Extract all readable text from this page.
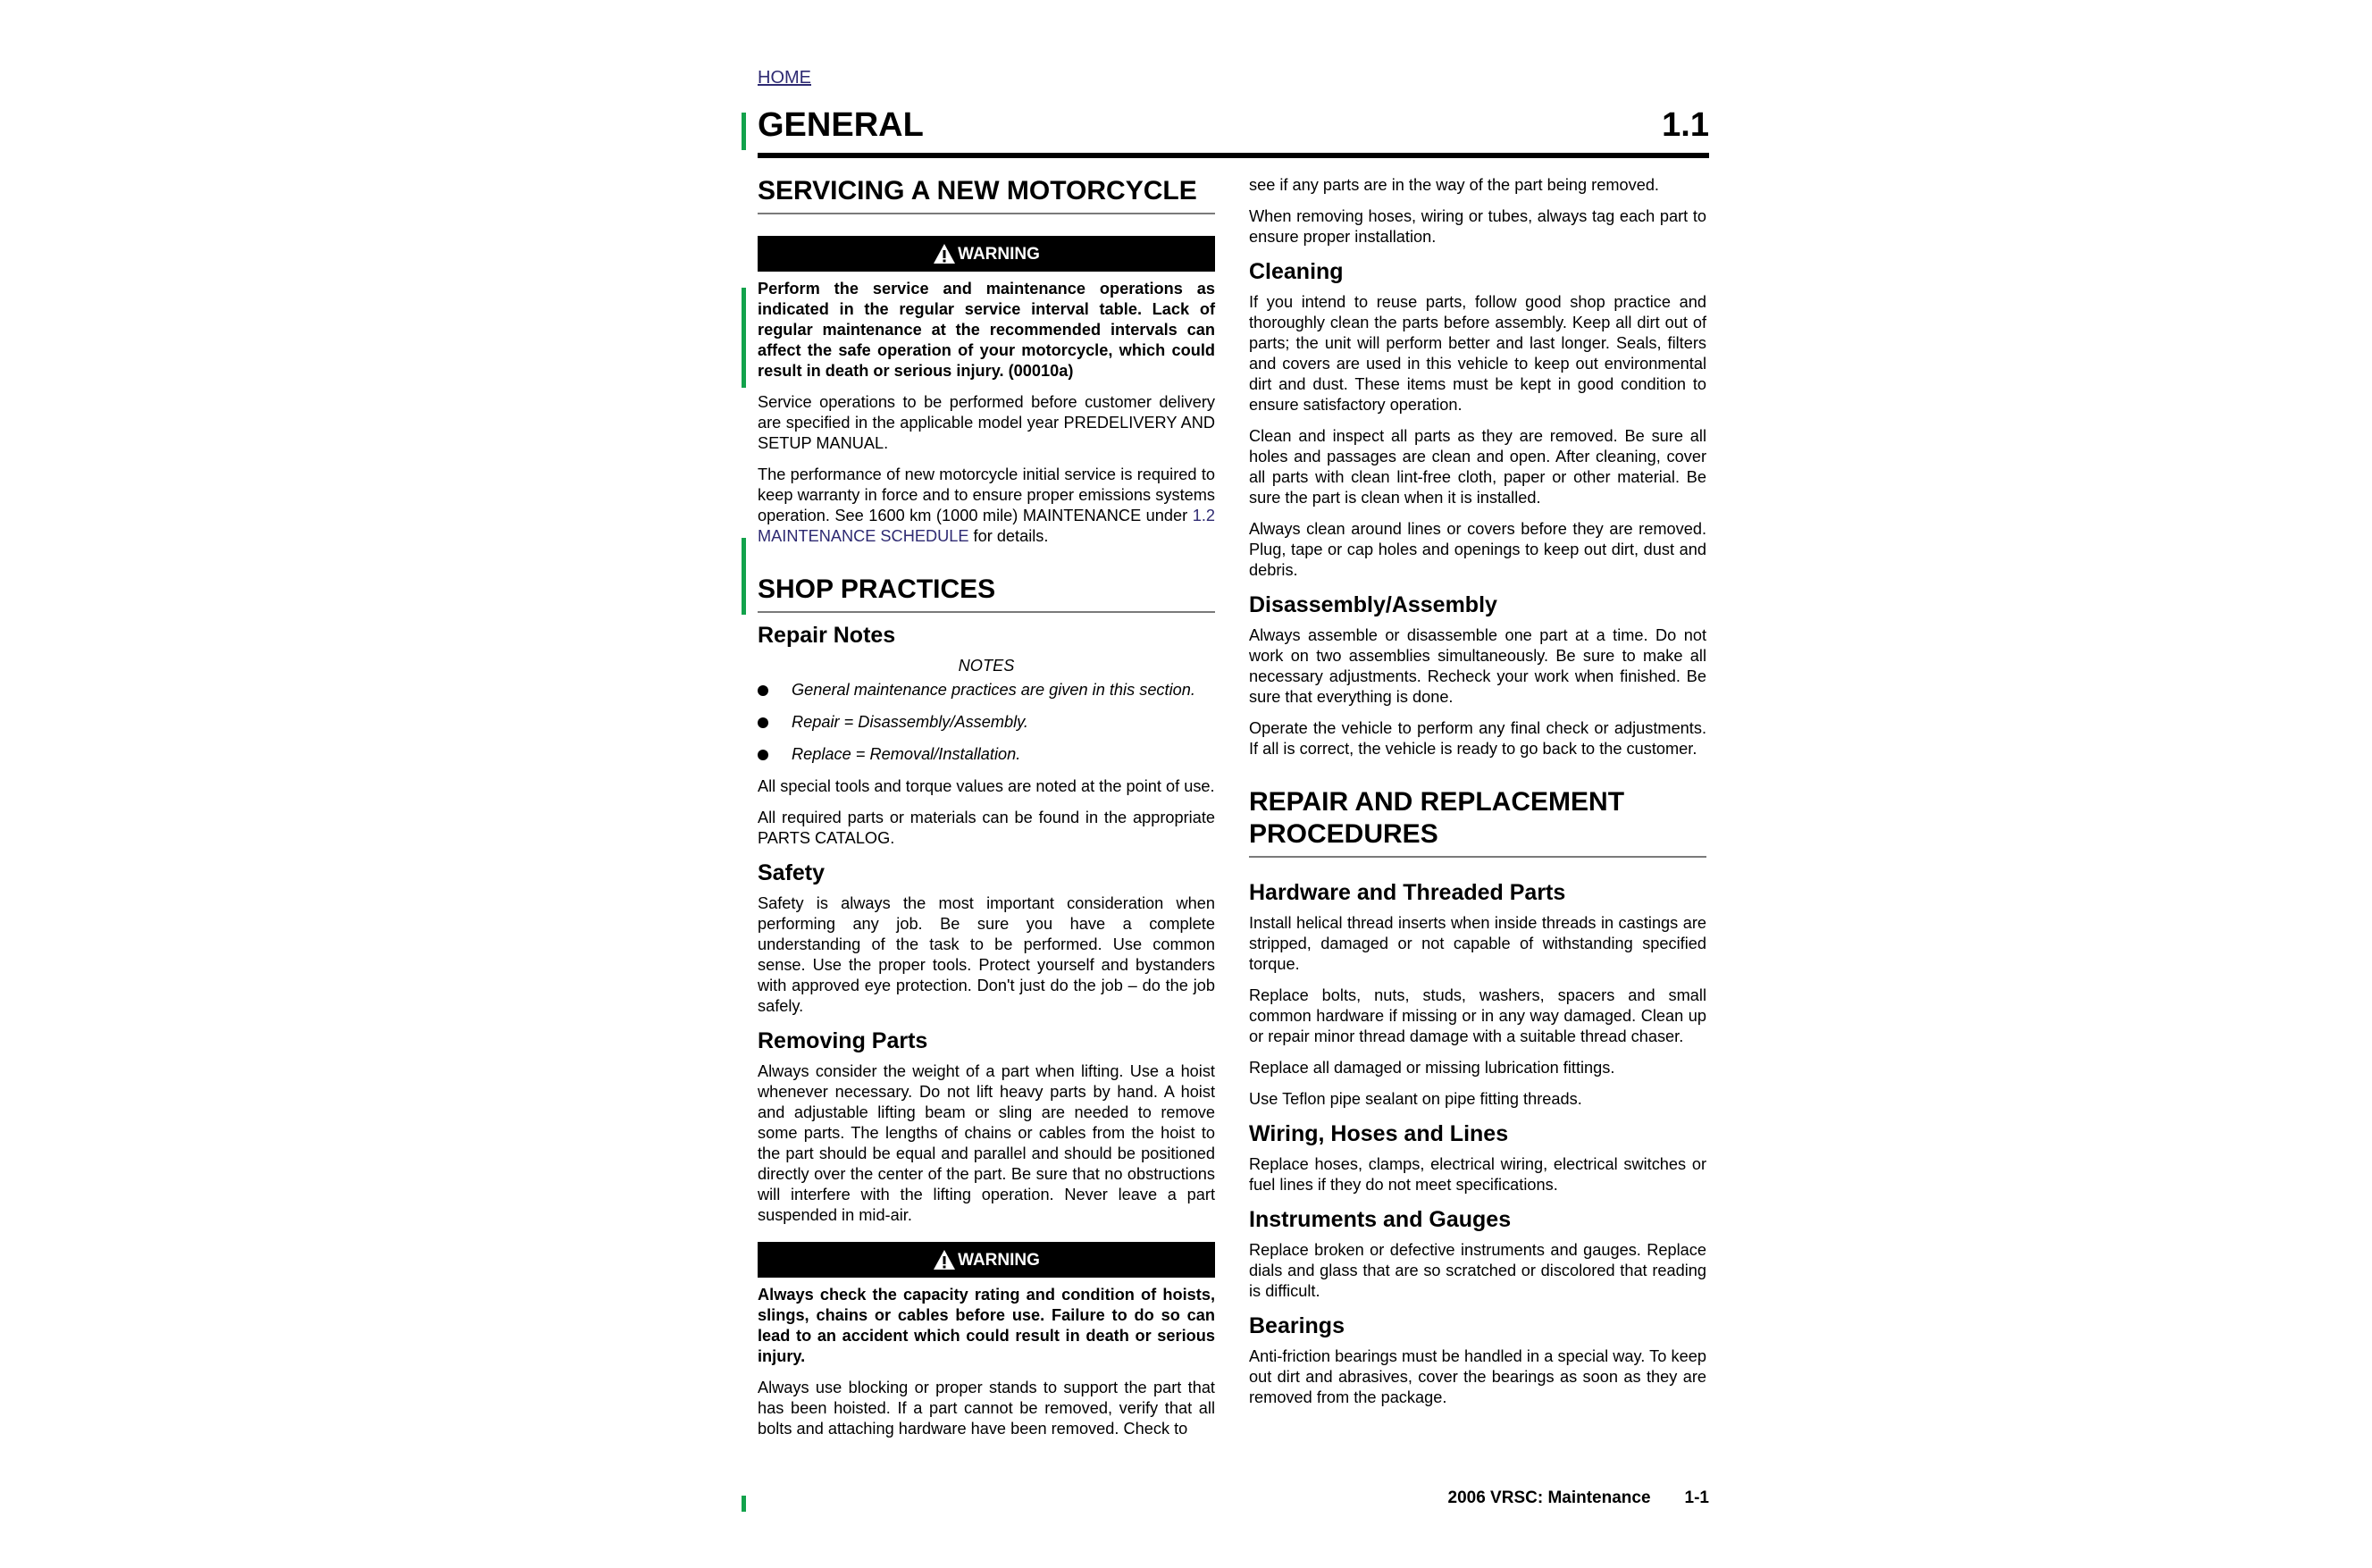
HOME
GENERAL	1.1
SERVICING A NEW MOTORCYCLE
WARNING

Perform the service and maintenance operations as indicated in the regular service interval table. Lack of regular maintenance at the recommended intervals can affect the safe operation of your motorcycle, which could result in death or serious injury. (00010a)

Service operations to be performed before customer delivery are specified in the applicable model year PREDELIVERY AND SETUP MANUAL.

The performance of new motorcycle initial service is required to keep warranty in force and to ensure proper emissions systems operation. See 1600 km (1000 mile) MAINTENANCE under 1.2 MAINTENANCE SCHEDULE for details.

SHOP PRACTICES
Repair Notes
NOTES
General maintenance practices are given in this section.
Repair = Disassembly/Assembly.
Replace = Removal/Installation.

All special tools and torque values are noted at the point of use.

All required parts or materials can be found in the appropriate PARTS CATALOG.

Safety

Safety is always the most important consideration when performing any job. Be sure you have a complete understanding of the task to be performed. Use common sense. Use the proper tools. Protect yourself and bystanders with approved eye protection. Don't just do the job – do the job safely.

Removing Parts

Always consider the weight of a part when lifting. Use a hoist whenever necessary. Do not lift heavy parts by hand. A hoist and adjustable lifting beam or sling are needed to remove some parts. The lengths of chains or cables from the hoist to the part should be equal and parallel and should be positioned directly over the center of the part. Be sure that no obstructions will interfere with the lifting operation. Never leave a part suspended in mid-air.

WARNING

Always check the capacity rating and condition of hoists, slings, chains or cables before use. Failure to do so can lead to an accident which could result in death or serious injury.

Always use blocking or proper stands to support the part that has been hoisted. If a part cannot be removed, verify that all bolts and attaching hardware have been removed. Check to

see if any parts are in the way of the part being removed.

When removing hoses, wiring or tubes, always tag each part to ensure proper installation.

Cleaning

If you intend to reuse parts, follow good shop practice and thoroughly clean the parts before assembly. Keep all dirt out of parts; the unit will perform better and last longer. Seals, filters and covers are used in this vehicle to keep out environmental dirt and dust. These items must be kept in good condition to ensure satisfactory operation.

Clean and inspect all parts as they are removed. Be sure all holes and passages are clean and open. After cleaning, cover all parts with clean lint-free cloth, paper or other material. Be sure the part is clean when it is installed.

Always clean around lines or covers before they are removed. Plug, tape or cap holes and openings to keep out dirt, dust and debris.

Disassembly/Assembly

Always assemble or disassemble one part at a time. Do not work on two assemblies simultaneously. Be sure to make all necessary adjustments. Recheck your work when finished. Be sure that everything is done.

Operate the vehicle to perform any final check or adjustments. If all is correct, the vehicle is ready to go back to the customer.

REPAIR AND REPLACEMENT
PROCEDURES
Hardware and Threaded Parts

Install helical thread inserts when inside threads in castings are stripped, damaged or not capable of withstanding specified torque.

Replace bolts, nuts, studs, washers, spacers and small common hardware if missing or in any way damaged. Clean up or repair minor thread damage with a suitable thread chaser.

Replace all damaged or missing lubrication fittings.

Use Teflon pipe sealant on pipe fitting threads.

Wiring, Hoses and Lines

Replace hoses, clamps, electrical wiring, electrical switches or fuel lines if they do not meet specifications.

Instruments and Gauges

Replace broken or defective instruments and gauges. Replace dials and glass that are so scratched or discolored that reading is difficult.

Bearings

Anti-friction bearings must be handled in a special way. To keep out dirt and abrasives, cover the bearings as soon as they are removed from the package.

2006 VRSC: Maintenance 1-1
